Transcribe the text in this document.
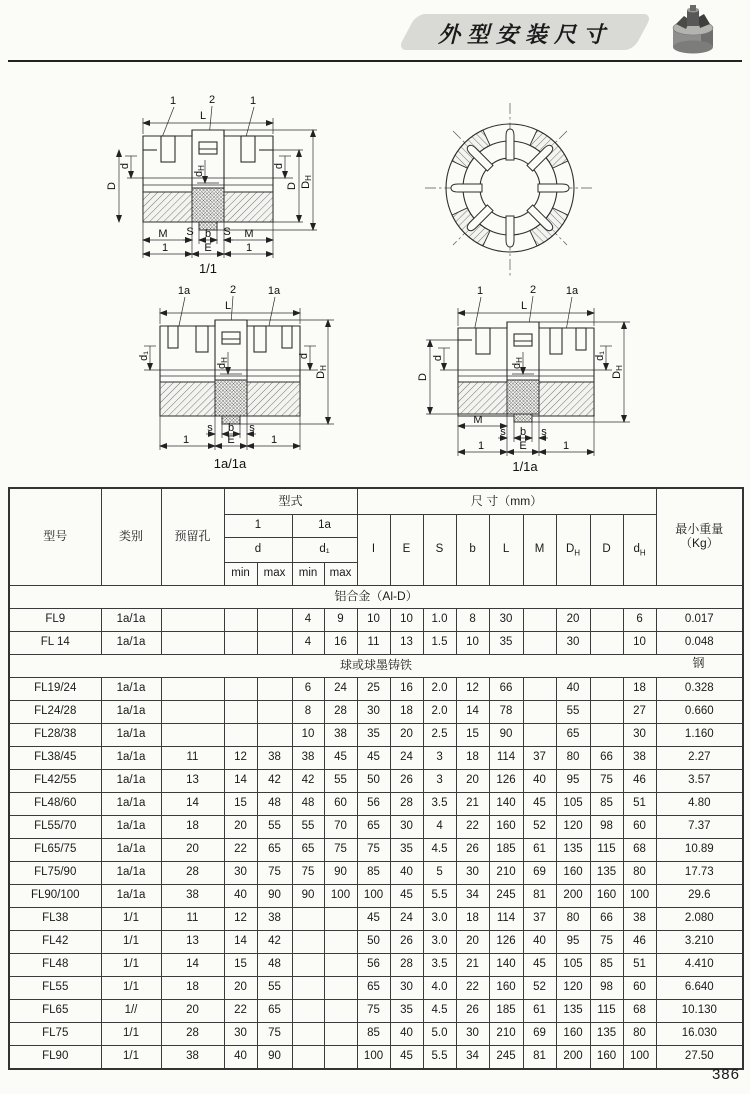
外型安装尺寸
L
1	2	1
D
d
dH	d
D DH
M S b S M
1	E	1
1/1
L
1a	2	1a
d₁
dH
d
DH
s b s
1	E	1
1a/1a
L
1	2	1a
D
d
dH	d₁
DH
M
s b s
1	E	1
1/1a
型号	类别	预留孔	型式				尺 寸（mm）									最小重量
（Kg）

			1		1a		I	E	S	b	L	M	$D_H$	D	$d_H$
			d		d₁											
			min	max	min	max										
铝合金（Al-D）																
FL9	1a/1a				4	9	10	10	1.0	8	30		20		6	0.017
FL 14	1a/1a				4	16	11	13	1.5	10	35		30		10	0.048
球或球墨铸铁 钢																

FL19/24	1a/1a				6	24	25	16	2.0	12	66		40		18	0.328
FL24/28	1a/1a				8	28	30	18	2.0	14	78		55		27	0.660
FL28/38	1a/1a				10	38	35	20	2.5	15	90		65		30	1.160
FL38/45	1a/1a	11	12	38	38	45	45	24	3	18	114	37	80	66	38	2.27
FL42/55	1a/1a	13	14	42	42	55	50	26	3	20	126	40	95	75	46	3.57
FL48/60	1a/1a	14	15	48	48	60	56	28	3.5	21	140	45	105	85	51	4.80
FL55/70	1a/1a	18	20	55	55	70	65	30	4	22	160	52	120	98	60	7.37
FL65/75	1a/1a	20	22	65	65	75	75	35	4.5	26	185	61	135	115	68	10.89
FL75/90	1a/1a	28	30	75	75	90	85	40	5	30	210	69	160	135	80	17.73
FL90/100	1a/1a	38	40	90	90	100	100	45	5.5	34	245	81	200	160	100	29.6
FL38	1/1	11	12	38			45	24	3.0	18	114	37	80	66	38	2.080
FL42	1/1	13	14	42			50	26	3.0	20	126	40	95	75	46	3.210
FL48	1/1	14	15	48			56	28	3.5	21	140	45	105	85	51	4.410
FL55	1/1	18	20	55			65	30	4.0	22	160	52	120	98	60	6.640
FL65	1//	20	22	65			75	35	4.5	26	185	61	135	115	68	10.130
FL75	1/1	28	30	75			85	40	5.0	30	210	69	160	135	80	16.030
FL90	1/1	38	40	90			100	45	5.5	34	245	81	200	160	100	27.50
386
